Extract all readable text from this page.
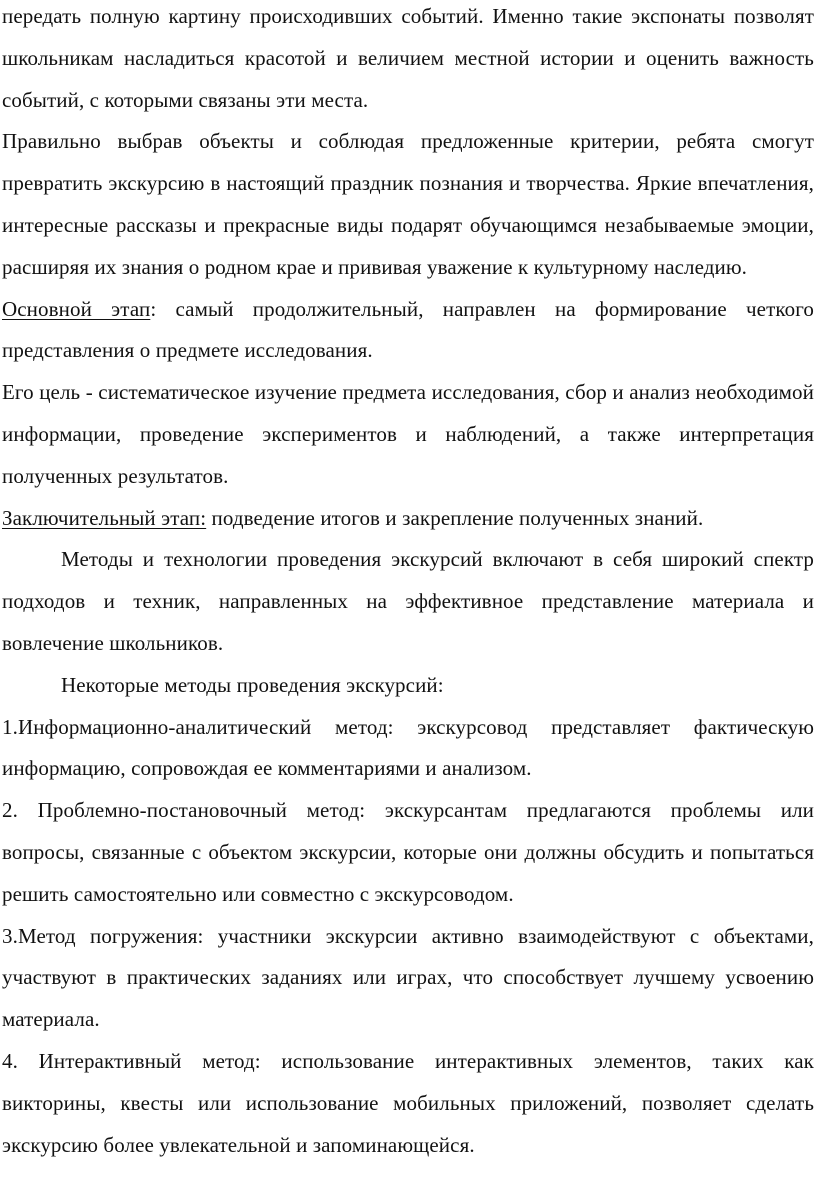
передать полную картину происходивших событий. Именно такие экспонаты позволят школьникам насладиться красотой и величием местной истории и оценить важность событий, с которыми связаны эти места.

Правильно выбрав объекты и соблюдая предложенные критерии, ребята смогут превратить экскурсию в настоящий праздник познания и творчества. Яркие впечатления, интересные рассказы и прекрасные виды подарят обучающимся незабываемые эмоции, расширяя их знания о родном крае и прививая уважение к культурному наследию.

Основной этап: самый продолжительный, направлен на формирование четкого представления о предмете исследования.

Его цель - систематическое изучение предмета исследования, сбор и анализ необходимой информации, проведение экспериментов и наблюдений, а также интерпретация полученных результатов.

Заключительный этап: подведение итогов и закрепление полученных знаний.

Методы и технологии проведения экскурсий включают в себя широкий спектр подходов и техник, направленных на эффективное представление материала и вовлечение школьников.

Некоторые методы проведения экскурсий:

1.Информационно-аналитический метод: экскурсовод представляет фактическую информацию, сопровождая ее комментариями и анализом.

2. Проблемно-постановочный метод: экскурсантам предлагаются проблемы или вопросы, связанные с объектом экскурсии, которые они должны обсудить и попытаться решить самостоятельно или совместно с экскурсоводом.

3.Метод погружения: участники экскурсии активно взаимодействуют с объектами, участвуют в практических заданиях или играх, что способствует лучшему усвоению материала.

4. Интерактивный метод: использование интерактивных элементов, таких как викторины, квесты или использование мобильных приложений, позволяет сделать экскурсию более увлекательной и запоминающейся.
